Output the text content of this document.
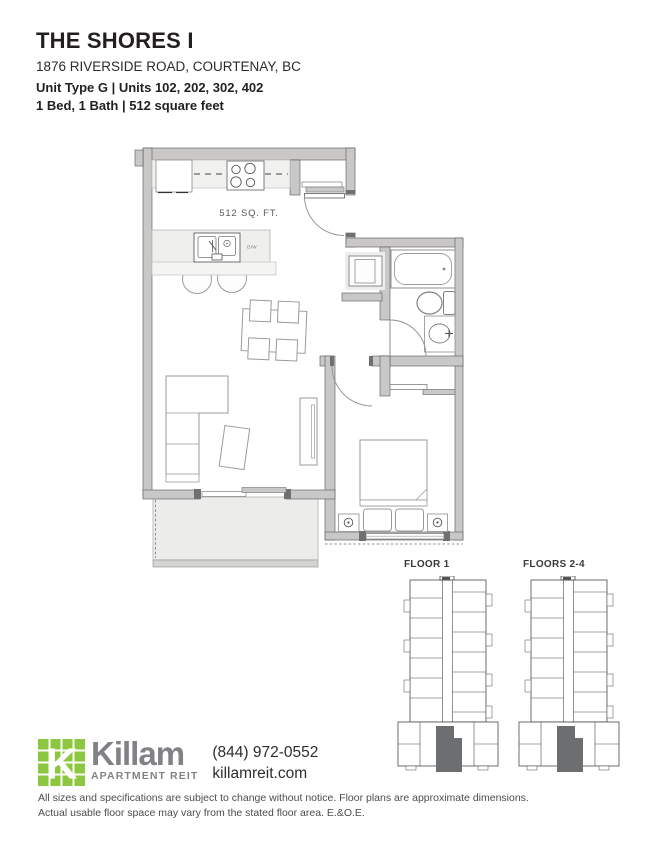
THE SHORES I
1876 RIVERSIDE ROAD, COURTENAY, BC
Unit Type G | Units 102, 202, 302, 402
1 Bed, 1 Bath | 512 square feet
D/W
512 SQ. FT.
FLOOR 1	FLOORS 2-4
K Killam
APARTMENT REIT
(844) 972-0552
killamreit.com
All sizes and specifications are subject to change without notice. Floor plans are approximate dimensions.
Actual usable floor space may vary from the stated floor area. E.&O.E.
